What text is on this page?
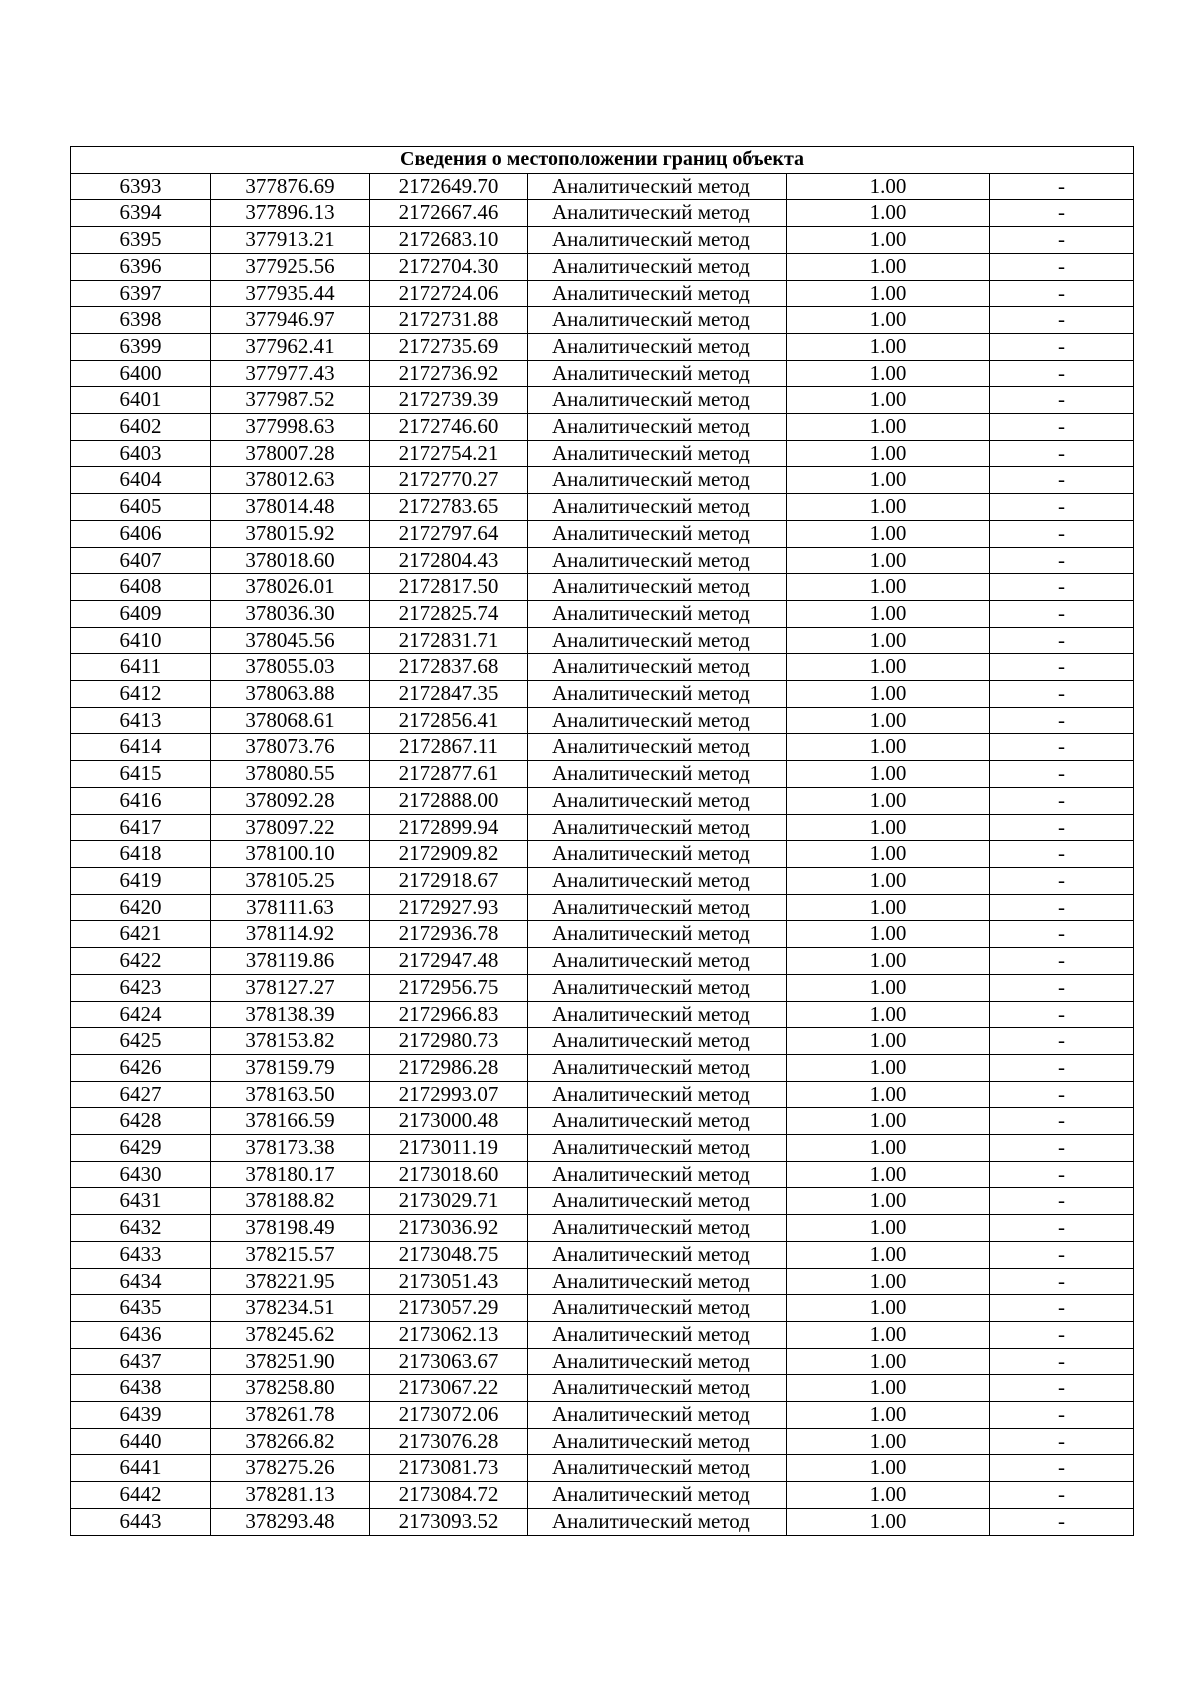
Сведения о местоположении границ объекта					
6393	377876.69	2172649.70	Аналитический метод	1.00	-
6394	377896.13	2172667.46	Аналитический метод	1.00	-
6395	377913.21	2172683.10	Аналитический метод	1.00	-
6396	377925.56	2172704.30	Аналитический метод	1.00	-
6397	377935.44	2172724.06	Аналитический метод	1.00	-
6398	377946.97	2172731.88	Аналитический метод	1.00	-
6399	377962.41	2172735.69	Аналитический метод	1.00	-
6400	377977.43	2172736.92	Аналитический метод	1.00	-
6401	377987.52	2172739.39	Аналитический метод	1.00	-
6402	377998.63	2172746.60	Аналитический метод	1.00	-
6403	378007.28	2172754.21	Аналитический метод	1.00	-
6404	378012.63	2172770.27	Аналитический метод	1.00	-
6405	378014.48	2172783.65	Аналитический метод	1.00	-
6406	378015.92	2172797.64	Аналитический метод	1.00	-
6407	378018.60	2172804.43	Аналитический метод	1.00	-
6408	378026.01	2172817.50	Аналитический метод	1.00	-
6409	378036.30	2172825.74	Аналитический метод	1.00	-
6410	378045.56	2172831.71	Аналитический метод	1.00	-
6411	378055.03	2172837.68	Аналитический метод	1.00	-
6412	378063.88	2172847.35	Аналитический метод	1.00	-
6413	378068.61	2172856.41	Аналитический метод	1.00	-
6414	378073.76	2172867.11	Аналитический метод	1.00	-
6415	378080.55	2172877.61	Аналитический метод	1.00	-
6416	378092.28	2172888.00	Аналитический метод	1.00	-
6417	378097.22	2172899.94	Аналитический метод	1.00	-
6418	378100.10	2172909.82	Аналитический метод	1.00	-
6419	378105.25	2172918.67	Аналитический метод	1.00	-
6420	378111.63	2172927.93	Аналитический метод	1.00	-
6421	378114.92	2172936.78	Аналитический метод	1.00	-
6422	378119.86	2172947.48	Аналитический метод	1.00	-
6423	378127.27	2172956.75	Аналитический метод	1.00	-
6424	378138.39	2172966.83	Аналитический метод	1.00	-
6425	378153.82	2172980.73	Аналитический метод	1.00	-
6426	378159.79	2172986.28	Аналитический метод	1.00	-
6427	378163.50	2172993.07	Аналитический метод	1.00	-
6428	378166.59	2173000.48	Аналитический метод	1.00	-
6429	378173.38	2173011.19	Аналитический метод	1.00	-
6430	378180.17	2173018.60	Аналитический метод	1.00	-
6431	378188.82	2173029.71	Аналитический метод	1.00	-
6432	378198.49	2173036.92	Аналитический метод	1.00	-
6433	378215.57	2173048.75	Аналитический метод	1.00	-
6434	378221.95	2173051.43	Аналитический метод	1.00	-
6435	378234.51	2173057.29	Аналитический метод	1.00	-
6436	378245.62	2173062.13	Аналитический метод	1.00	-
6437	378251.90	2173063.67	Аналитический метод	1.00	-
6438	378258.80	2173067.22	Аналитический метод	1.00	-
6439	378261.78	2173072.06	Аналитический метод	1.00	-
6440	378266.82	2173076.28	Аналитический метод	1.00	-
6441	378275.26	2173081.73	Аналитический метод	1.00	-
6442	378281.13	2173084.72	Аналитический метод	1.00	-
6443	378293.48	2173093.52	Аналитический метод	1.00	-
